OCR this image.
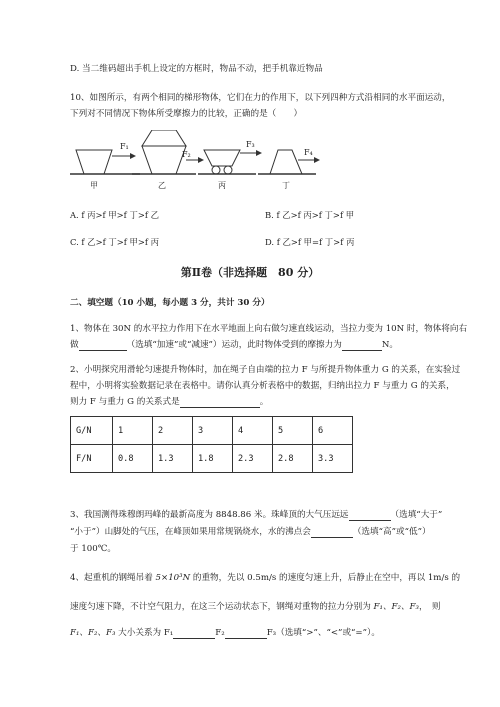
D. 当二维码超出手机上设定的方框时，物品不动，把手机靠近物品
10、如图所示，有两个相同的梯形物体，它们在力的作用下，以下列四种方式沿相同的水平面运动，
下列对不同情况下物体所受摩擦力的比较，正确的是（　　）
F₁
F₂
F₃
F₄
甲	乙	丙	丁
A. f 丙>f 甲>f 丁>f 乙	B. f 乙>f 丙>f 丁>f 甲
C. f 乙>f 丁>f 甲>f 丙	D. f 乙>f 甲=f 丁>f 丙
第Ⅱ卷（非选择题　80 分）
二、填空题（10 小题，每小题 3 分，共计 30 分）
1、物体在 30N 的水平拉力作用下在水平地面上向右做匀速直线运动，当拉力变为 10N 时，物体将向右
做	（选填“加速”或“减速”）运动，此时物体受到的摩擦力为	N。
2、小明探究用滑轮匀速提升物体时，加在绳子自由端的拉力 F 与所提升物体重力 G 的关系，在实验过
程中，小明将实验数据记录在表格中。请你认真分析表格中的数据，归纳出拉力 F 与重力 G 的关系，
则力 F 与重力 G 的关系式是	。
G/N	1	2	3	4	5	6
F/N	0.8	1.3	1.8	2.3	2.8	3.3
3、我国测得珠穆朗玛峰的最新高度为 8848.86 米。珠峰顶的大气压远远	（选填“大于”
“小于”）山脚处的气压，在峰顶如果用常规锅烧水，水的沸点会	（选填“高”或“低”）
于 100℃。
4、起重机的钢绳吊着 5×10³N 的重物，先以 0.5m/s 的速度匀速上升，后静止在空中，再以 1m/s 的
速度匀速下降，不计空气阻力，在这三个运动状态下，钢绳对重物的拉力分别为 F₁、F₂、F₃，　则
F₁、F₂、F₃ 大小关系为 F₁	F₂	F₃（选填“>”、“<”或“=”）。
